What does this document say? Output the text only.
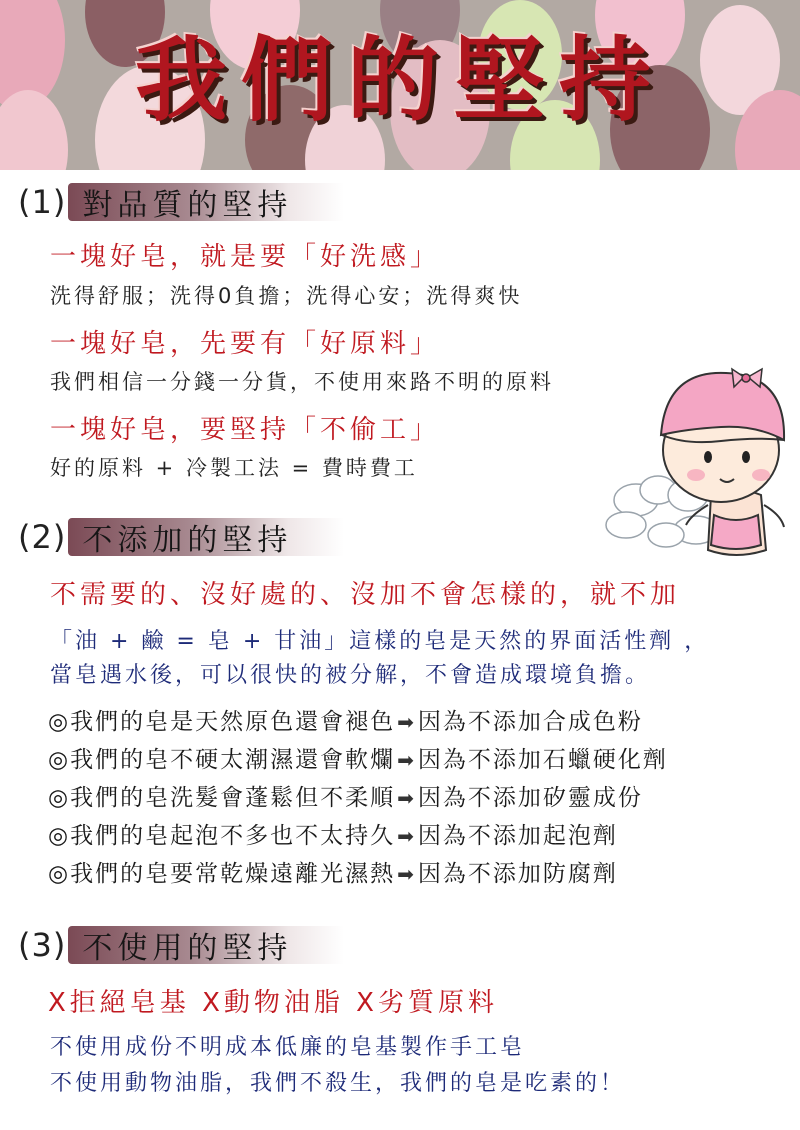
我們的堅持
(1) 對品質的堅持
一塊好皂，就是要「好洗感」
洗得舒服；洗得0負擔；洗得心安；洗得爽快
一塊好皂，先要有「好原料」
我們相信一分錢一分貨，不使用來路不明的原料
一塊好皂，要堅持「不偷工」
好的原料 + 冷製工法 = 費時費工
(2) 不添加的堅持
不需要的、沒好處的、沒加不會怎樣的，就不加
「油 + 鹼 = 皂 + 甘油」這樣的皂是天然的界面活性劑 ，
當皂遇水後，可以很快的被分解，不會造成環境負擔。
◎我們的皂是天然原色還會褪色 ➡因為不添加合成色粉
◎我們的皂不硬太潮濕還會軟爛 ➡因為不添加石蠟硬化劑
◎我們的皂洗髮會蓬鬆但不柔順 ➡因為不添加矽靈成份
◎我們的皂起泡不多也不太持久 ➡因為不添加起泡劑
◎我們的皂要常乾燥遠離光濕熱 ➡因為不添加防腐劑
(3) 不使用的堅持
X拒絕皂基 X動物油脂 X劣質原料
不使用成份不明成本低廉的皂基製作手工皂
不使用動物油脂，我們不殺生，我們的皂是吃素的！
